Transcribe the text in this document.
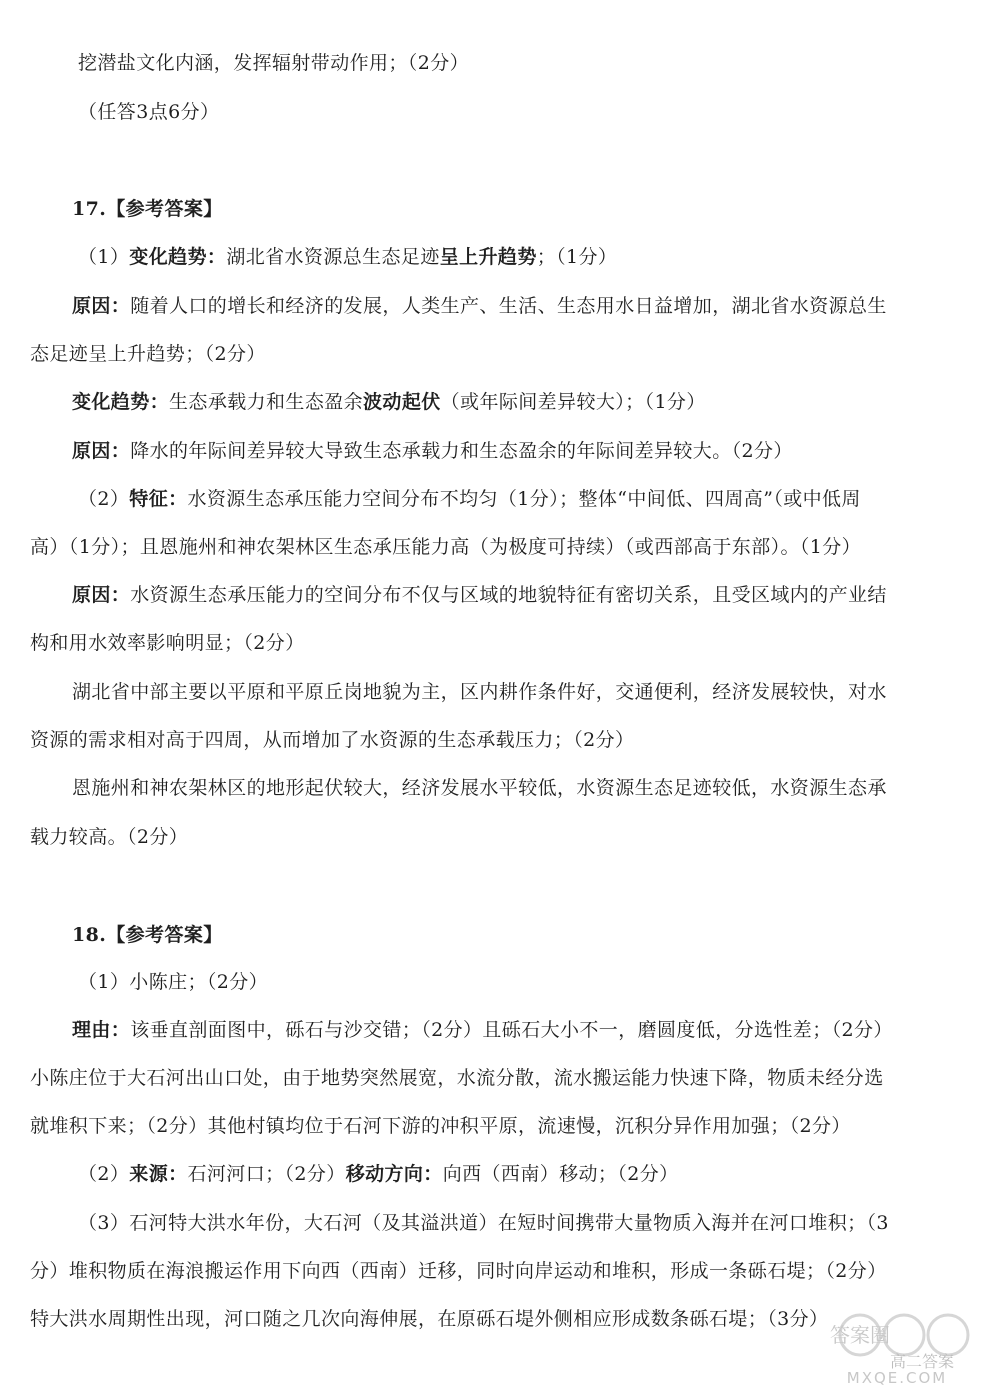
挖潜盐文化内涵，发挥辐射带动作用；（2分）
（任答3点6分）
17.【参考答案】
（1）变化趋势：湖北省水资源总生态足迹呈上升趋势；（1分）
原因：随着人口的增长和经济的发展，人类生产、生活、生态用水日益增加，湖北省水资源总生
态足迹呈上升趋势；（2分）
变化趋势：生态承载力和生态盈余波动起伏（或年际间差异较大）；（1分）
原因：降水的年际间差异较大导致生态承载力和生态盈余的年际间差异较大。（2分）
（2）特征：水资源生态承压能力空间分布不均匀（1分）；整体“中间低、四周高”（或中低周
高）（1分）；且恩施州和神农架林区生态承压能力高（为极度可持续）（或西部高于东部）。（1分）
原因：水资源生态承压能力的空间分布不仅与区域的地貌特征有密切关系，且受区域内的产业结
构和用水效率影响明显；（2分）
湖北省中部主要以平原和平原丘岗地貌为主，区内耕作条件好，交通便利，经济发展较快，对水
资源的需求相对高于四周，从而增加了水资源的生态承载压力；（2分）
恩施州和神农架林区的地形起伏较大，经济发展水平较低，水资源生态足迹较低，水资源生态承
载力较高。（2分）
18.【参考答案】
（1）小陈庄；（2分）
理由：该垂直剖面图中，砾石与沙交错；（2分）且砾石大小不一，磨圆度低，分选性差；（2分）
小陈庄位于大石河出山口处，由于地势突然展宽，水流分散，流水搬运能力快速下降，物质未经分选
就堆积下来；（2分）其他村镇均位于石河下游的冲积平原，流速慢，沉积分异作用加强；（2分）
（2）来源：石河河口；（2分）移动方向：向西（西南）移动；（2分）
（3）石河特大洪水年份，大石河（及其溢洪道）在短时间携带大量物质入海并在河口堆积；（3
分）堆积物质在海浪搬运作用下向西（西南）迁移，同时向岸运动和堆积，形成一条砾石堤；（2分）
特大洪水周期性出现，河口随之几次向海伸展，在原砾石堤外侧相应形成数条砾石堤；（3分）
答案圈
高二答案
MXQE.COM
